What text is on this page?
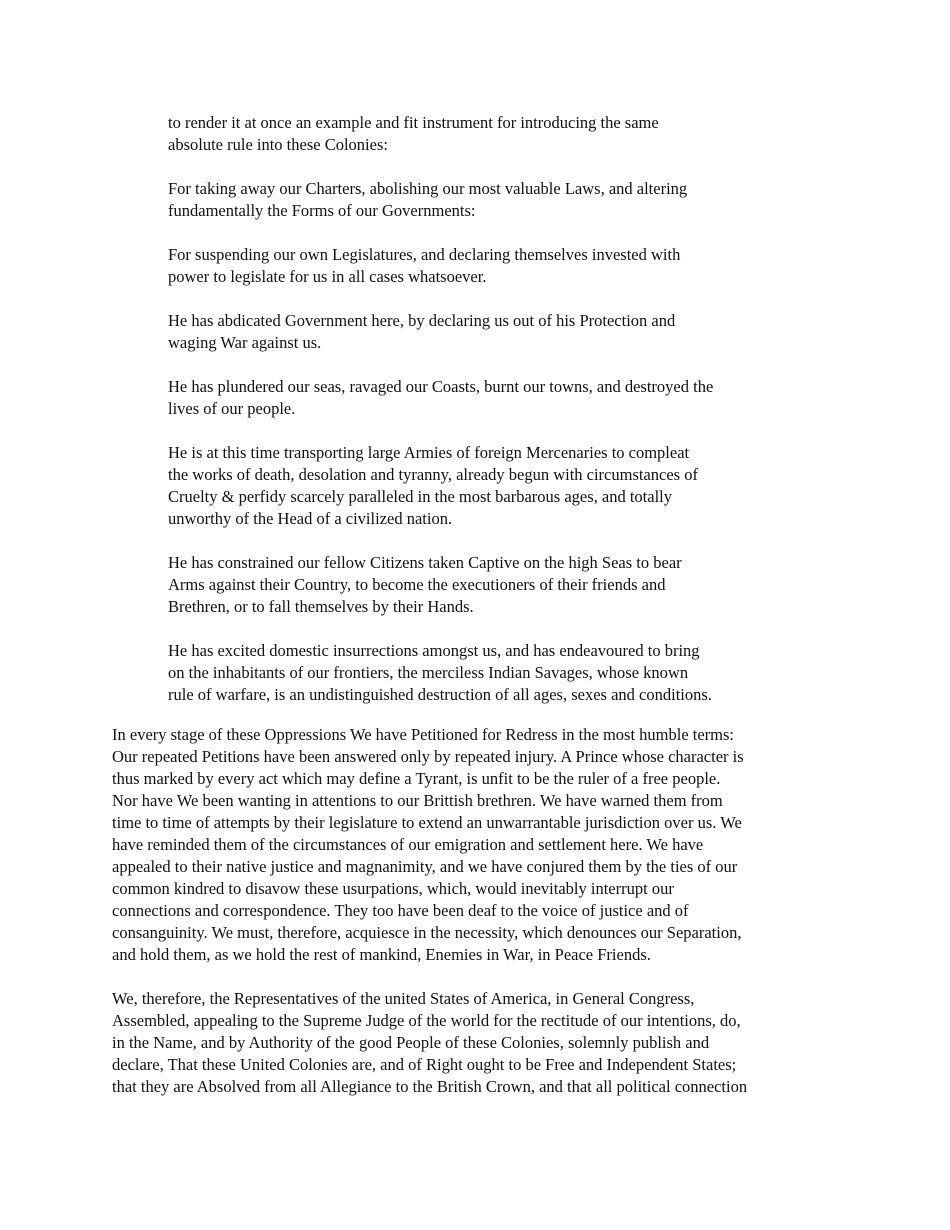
to render it at once an example and fit instrument for introducing the same
absolute rule into these Colonies:

For taking away our Charters, abolishing our most valuable Laws, and altering
fundamentally the Forms of our Governments:

For suspending our own Legislatures, and declaring themselves invested with
power to legislate for us in all cases whatsoever.

He has abdicated Government here, by declaring us out of his Protection and
waging War against us.

He has plundered our seas, ravaged our Coasts, burnt our towns, and destroyed the
lives of our people.

He is at this time transporting large Armies of foreign Mercenaries to compleat
the works of death, desolation and tyranny, already begun with circumstances of
Cruelty & perfidy scarcely paralleled in the most barbarous ages, and totally
unworthy of the Head of a civilized nation.

He has constrained our fellow Citizens taken Captive on the high Seas to bear
Arms against their Country, to become the executioners of their friends and
Brethren, or to fall themselves by their Hands.

He has excited domestic insurrections amongst us, and has endeavoured to bring
on the inhabitants of our frontiers, the merciless Indian Savages, whose known
rule of warfare, is an undistinguished destruction of all ages, sexes and conditions.

In every stage of these Oppressions We have Petitioned for Redress in the most humble terms:
Our repeated Petitions have been answered only by repeated injury. A Prince whose character is
thus marked by every act which may define a Tyrant, is unfit to be the ruler of a free people.
Nor have We been wanting in attentions to our Brittish brethren. We have warned them from
time to time of attempts by their legislature to extend an unwarrantable jurisdiction over us. We
have reminded them of the circumstances of our emigration and settlement here. We have
appealed to their native justice and magnanimity, and we have conjured them by the ties of our
common kindred to disavow these usurpations, which, would inevitably interrupt our
connections and correspondence. They too have been deaf to the voice of justice and of
consanguinity. We must, therefore, acquiesce in the necessity, which denounces our Separation,
and hold them, as we hold the rest of mankind, Enemies in War, in Peace Friends.

We, therefore, the Representatives of the united States of America, in General Congress,
Assembled, appealing to the Supreme Judge of the world for the rectitude of our intentions, do,
in the Name, and by Authority of the good People of these Colonies, solemnly publish and
declare, That these United Colonies are, and of Right ought to be Free and Independent States;
that they are Absolved from all Allegiance to the British Crown, and that all political connection
